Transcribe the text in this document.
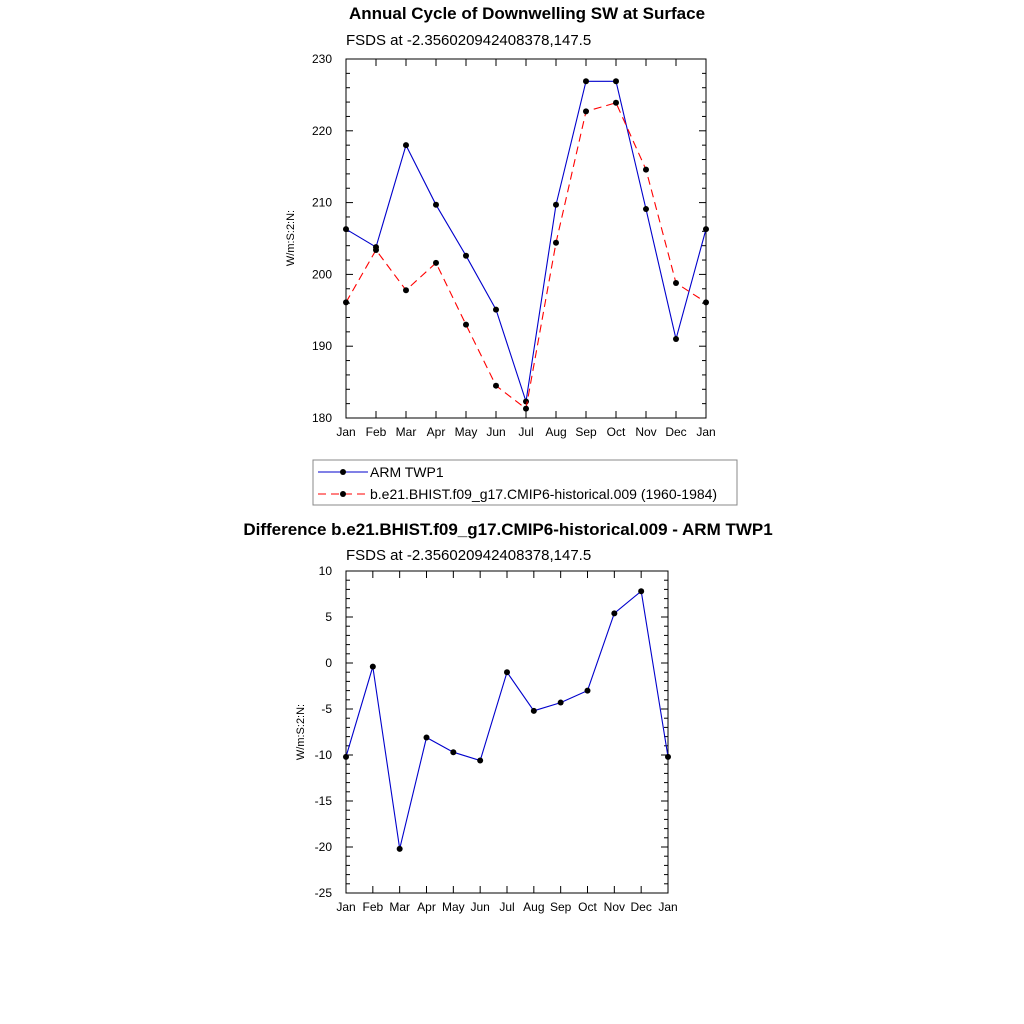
Annual Cycle of Downwelling SW at Surface
FSDS at -2.356020942408378,147.5
W/m:S:2:N:
Jan Feb Mar Apr May Jun Jul Aug Sep Oct Nov Dec Jan
180
190
200
210
220
230
ARM TWP1
b.e21.BHIST.f09_g17.CMIP6-historical.009 (1960-1984)
Difference b.e21.BHIST.f09_g17.CMIP6-historical.009 - ARM TWP1
FSDS at -2.356020942408378,147.5
W/m:S:2:N:
Jan Feb Mar Apr May Jun Jul Aug Sep Oct Nov Dec Jan
-25
-20
-15
-10
-5
0
5
10
